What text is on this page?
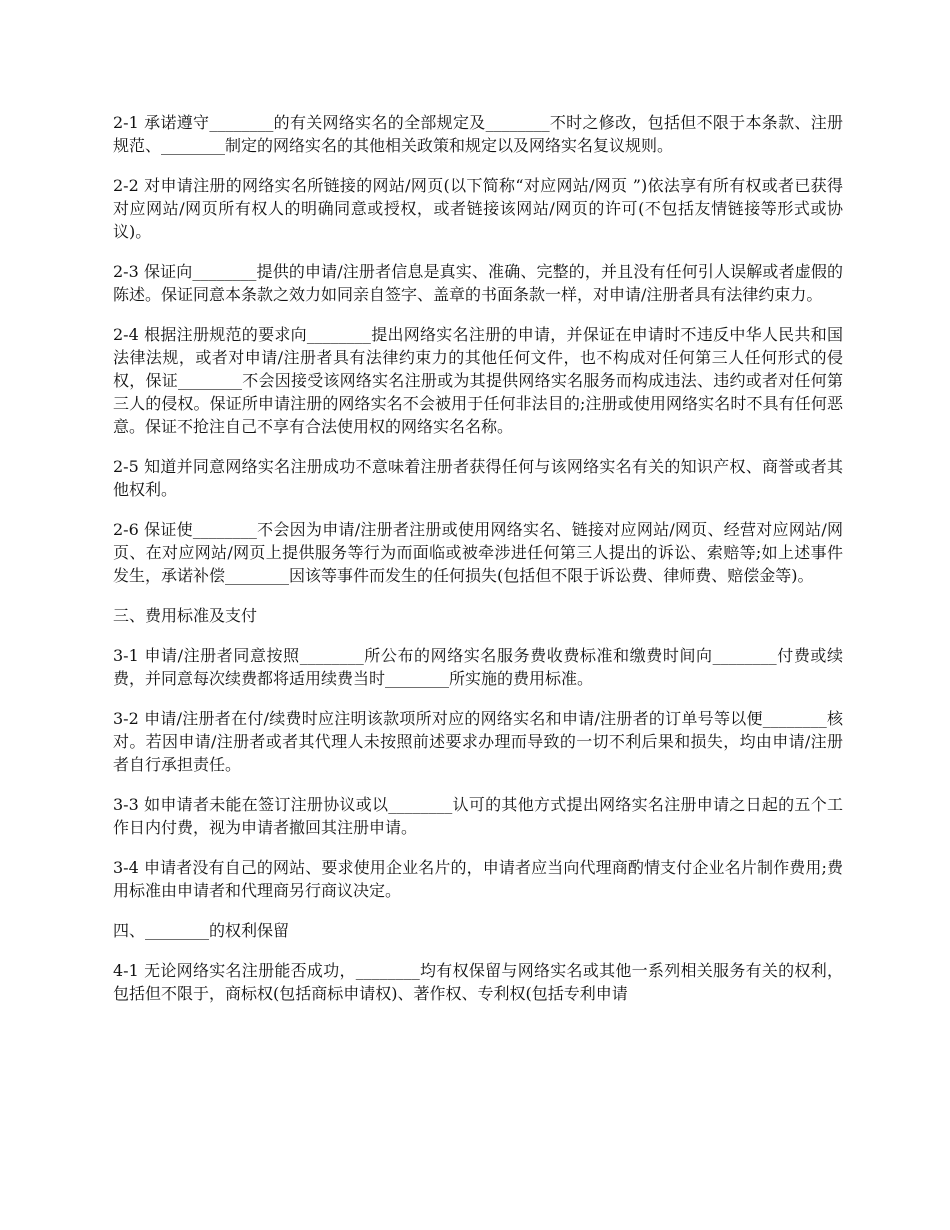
2-1 承诺遵守________的有关网络实名的全部规定及________不时之修改，包括但不限于本条款、注册规范、________制定的网络实名的其他相关政策和规定以及网络实名复议规则。

2-2 对申请注册的网络实名所链接的网站/网页(以下简称“对应网站/网页 ”)依法享有所有权或者已获得对应网站/网页所有权人的明确同意或授权，或者链接该网站/网页的许可(不包括友情链接等形式或协议)。

2-3 保证向________提供的申请/注册者信息是真实、准确、完整的，并且没有任何引人误解或者虚假的陈述。保证同意本条款之效力如同亲自签字、盖章的书面条款一样，对申请/注册者具有法律约束力。

2-4 根据注册规范的要求向________提出网络实名注册的申请，并保证在申请时不违反中华人民共和国法律法规，或者对申请/注册者具有法律约束力的其他任何文件，也不构成对任何第三人任何形式的侵权，保证________不会因接受该网络实名注册或为其提供网络实名服务而构成违法、违约或者对任何第三人的侵权。保证所申请注册的网络实名不会被用于任何非法目的;注册或使用网络实名时不具有任何恶意。保证不抢注自己不享有合法使用权的网络实名名称。

2-5 知道并同意网络实名注册成功不意味着注册者获得任何与该网络实名有关的知识产权、商誉或者其他权利。

2-6 保证使________不会因为申请/注册者注册或使用网络实名、链接对应网站/网页、经营对应网站/网页、在对应网站/网页上提供服务等行为而面临或被牵涉进任何第三人提出的诉讼、索赔等;如上述事件发生，承诺补偿________因该等事件而发生的任何损失(包括但不限于诉讼费、律师费、赔偿金等)。

三、费用标准及支付

3-1 申请/注册者同意按照________所公布的网络实名服务费收费标准和缴费时间向________付费或续费，并同意每次续费都将适用续费当时________所实施的费用标准。

3-2 申请/注册者在付/续费时应注明该款项所对应的网络实名和申请/注册者的订单号等以便________核对。若因申请/注册者或者其代理人未按照前述要求办理而导致的一切不利后果和损失，均由申请/注册者自行承担责任。

3-3 如申请者未能在签订注册协议或以________认可的其他方式提出网络实名注册申请之日起的五个工作日内付费，视为申请者撤回其注册申请。

3-4 申请者没有自己的网站、要求使用企业名片的，申请者应当向代理商酌情支付企业名片制作费用;费用标准由申请者和代理商另行商议决定。

四、________的权利保留

4-1 无论网络实名注册能否成功，________均有权保留与网络实名或其他一系列相关服务有关的权利，包括但不限于，商标权(包括商标申请权)、著作权、专利权(包括专利申请
